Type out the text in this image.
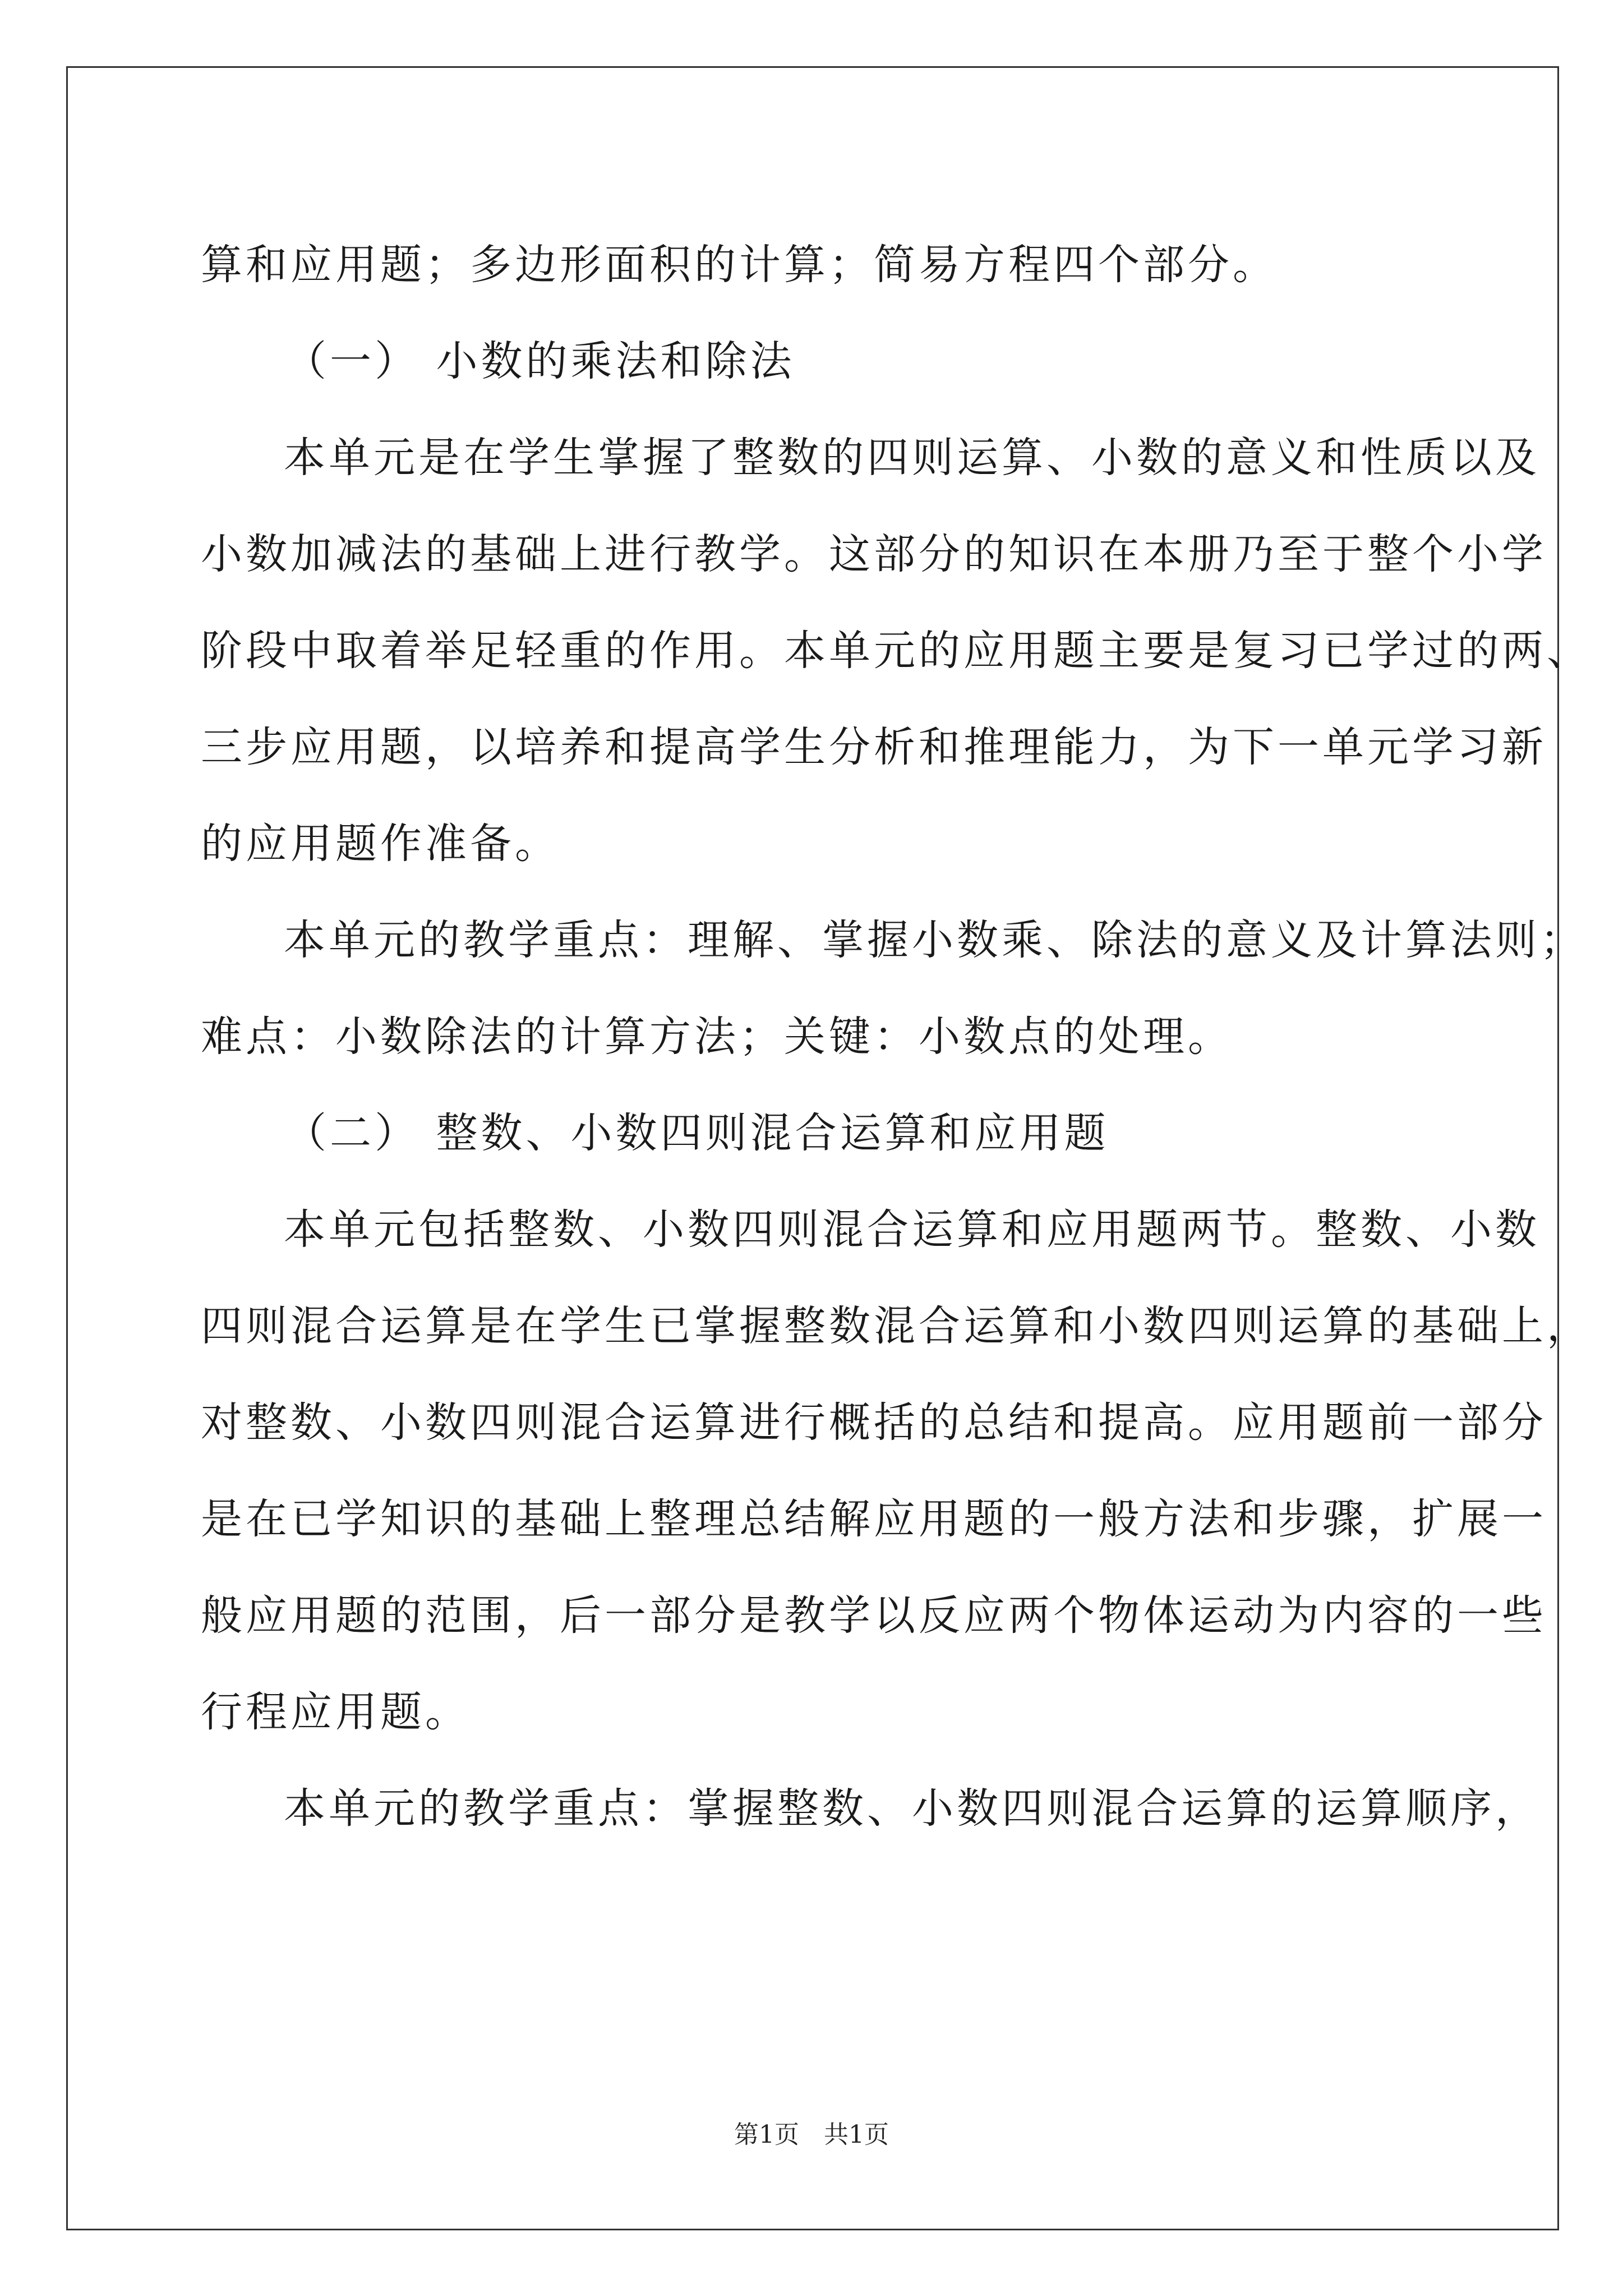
算和应用题；多边形面积的计算；简易方程四个部分。
（一） 小数的乘法和除法
本单元是在学生掌握了整数的四则运算、小数的意义和性质以及
小数加减法的基础上进行教学。这部分的知识在本册乃至于整个小学
阶段中取着举足轻重的作用。本单元的应用题主要是复习已学过的两、
三步应用题，以培养和提高学生分析和推理能力，为下一单元学习新
的应用题作准备。
本单元的教学重点：理解、掌握小数乘、除法的意义及计算法则；
难点：小数除法的计算方法；关键：小数点的处理。
（二） 整数、小数四则混合运算和应用题
本单元包括整数、小数四则混合运算和应用题两节。整数、小数
四则混合运算是在学生已掌握整数混合运算和小数四则运算的基础上，
对整数、小数四则混合运算进行概括的总结和提高。应用题前一部分
是在已学知识的基础上整理总结解应用题的一般方法和步骤，扩展一
般应用题的范围，后一部分是教学以反应两个物体运动为内容的一些
行程应用题。
本单元的教学重点：掌握整数、小数四则混合运算的运算顺序，
第1页 共1页
